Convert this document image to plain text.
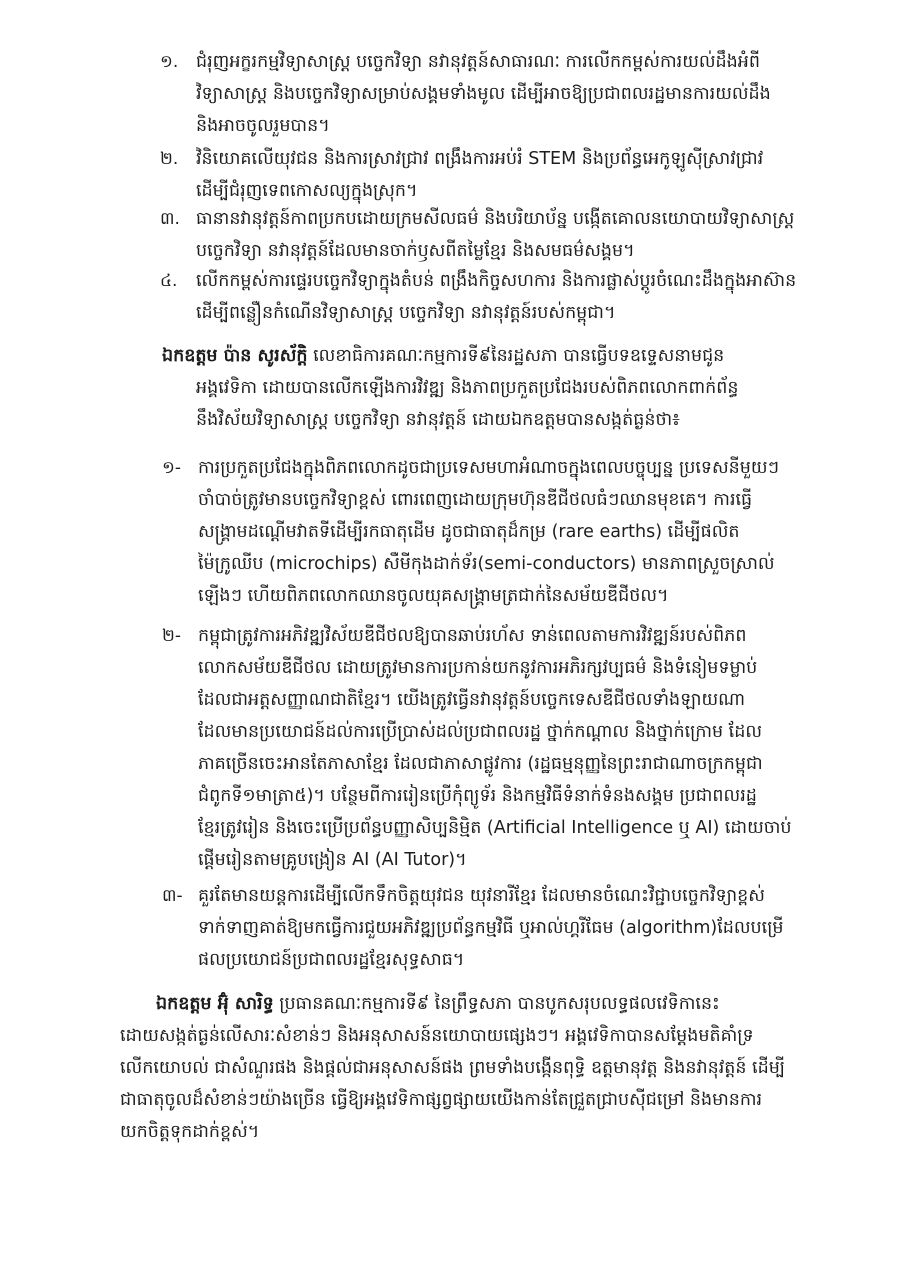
១.	ជំរុញអក្ខរកម្មវិទ្យាសាស្ត្រ បច្ចេកវិទ្យា នវានុវត្តន៍សាធារណៈ ការលើកកម្ពស់ការយល់ដឹងអំពី
វិទ្យាសាស្ត្រ និងបច្ចេកវិទ្យាសម្រាប់សង្គមទាំងមូល ដើម្បីអាចឱ្យប្រជាពលរដ្ឋមានការយល់ដឹង
និងអាចចូលរួមបាន។
២.	វិនិយោគលើយុវជន និងការស្រាវជ្រាវ ពង្រឹងការអប់រំ STEM និងប្រព័ន្ធអេកូឡូស៊ីស្រាវជ្រាវ
ដើម្បីជំរុញទេពកោសល្យក្នុងស្រុក។
៣. ធានានវានុវត្តន៍កាពប្រកបដោយក្រមសីលធម៌ និងបរិយាប័ន្ន បង្កើតគោលនយោបាយវិទ្យាសាស្ត្រ
បច្ចេកវិទ្យា នវានុវត្តន៍ដែលមានចាក់ឫសពីតម្លៃខ្មែរ និងសមធម៌សង្គម។
៤.	លើកកម្ពស់ការផ្ទេរបច្ចេកវិទ្យាក្នុងតំបន់ ពង្រឹងកិច្ចសហការ និងការផ្លាស់ប្តូរចំណេះដឹងក្នុងអាស៊ាន
ដើម្បីពន្លឿនកំណើនវិទ្យាសាស្ត្រ បច្ចេកវិទ្យា នវានុវត្តន៍របស់កម្ពុជា។
ឯកឧត្តម ប៉ាន សូរស័ក្តិ លេខាធិការគណៈកម្មការទី៩នៃរដ្ឋសភា បានធ្វើបទឧទ្ទេសនាមជូន
អង្គវេទិកា ដោយបានលើកឡើងការវិវឌ្ឍ និងភាពប្រកួតប្រជែងរបស់ពិភពលោកពាក់ព័ន្ធ
នឹងវិស័យវិទ្យាសាស្ត្រ បច្ចេកវិទ្យា នវានុវត្តន៍ ដោយឯកឧត្តមបានសង្កត់ធ្ងន់ថា៖
១- ការប្រកួតប្រជែងក្នុងពិភពលោកដូចជាប្រទេសមហាអំណាចក្នុងពេលបច្ចុប្បន្ន ប្រទេសនីមួយៗ
ចាំបាច់ត្រូវមានបច្ចេកវិទ្យាខ្ពស់ ពោរពេញដោយក្រុមហ៊ុនឌីជីថលធំៗឈានមុខគេ។ ការធ្វើ
សង្គ្រាមដណ្តើមវាតទីដើម្បីរកធាតុដើម ដូចជាធាតុដ៏កម្រ (rare earths) ដើម្បីផលិត
ម៉ៃក្រូឈីប (microchips) សឺមីកុងដាក់ទ័រ(semi-conductors) មានភាពស្រួចស្រាល់
ឡើងៗ ហើយពិភពលោកឈានចូលយុគសង្គ្រាមត្រជាក់នៃសម័យឌីជីថល។
២- កម្ពុជាត្រូវការអភិវឌ្ឍវិស័យឌីជីថលឱ្យបានឆាប់រហ័ស ទាន់ពេលតាមការវិវឌ្ឍន៍របស់ពិភព
លោកសម័យឌីជីថល ដោយត្រូវមានការប្រកាន់យកនូវការអភិរក្សវប្បធម៌ និងទំនៀមទម្លាប់
ដែលជាអត្តសញ្ញាណជាតិខ្មែរ។ យើងត្រូវធ្វើនវានុវត្តន៍បច្ចេកទេសឌីជីថលទាំងឡាយណា
ដែលមានប្រយោជន៍ដល់ការប្រើប្រាស់ដល់ប្រជាពលរដ្ឋ ថ្នាក់កណ្តាល និងថ្នាក់ក្រោម ដែល
ភាគច្រើនចេះអានតែភាសាខ្មែរ ដែលជាភាសាផ្លូវការ (រដ្ឋធម្មនុញ្ញនៃព្រះរាជាណាចក្រកម្ពុជា
ជំពូកទី១មាត្រា៥)។ បន្ថែមពីការរៀនប្រើកុំព្យូទ័រ និងកម្មវិធីទំនាក់ទំនងសង្គម ប្រជាពលរដ្ឋ
ខ្មែរត្រូវរៀន និងចេះប្រើប្រព័ន្ធបញ្ញាសិប្បនិម្មិត (Artificial Intelligence ឬ AI) ដោយចាប់
ផ្តើមរៀនតាមគ្រូបង្រៀន AI (AI Tutor)។
៣- គួរតែមានយន្តការដើម្បីលើកទឹកចិត្តយុវជន យុវនារីខ្មែរ ដែលមានចំណេះវិជ្ជាបច្ចេកវិទ្យាខ្ពស់
ទាក់ទាញគាត់ឱ្យមកធ្វើការជួយអភិវឌ្ឍប្រព័ន្ធកម្មវិធី ឬអាល់ហ្គរីធែម (algorithm)ដែលបម្រើ
ផលប្រយោជន៍ប្រជាពលរដ្ឋខ្មែរសុទ្ធសាធ។
ឯកឧត្តម អ៊ុំ សារិទ្ធ ប្រធានគណៈកម្មការទី៩ នៃព្រឹទ្ធសភា បានបូកសរុបលទ្ធផលវេទិកានេះ
ដោយសង្កត់ធ្ងន់លើសារៈសំខាន់ៗ និងអនុសាសន៍នយោបាយផ្សេងៗ។ អង្គវេទិកាបានសម្តែងមតិគាំទ្រ
លើកយោបល់ ជាសំណួរផង និងផ្តល់ជាអនុសាសន៍ផង ព្រមទាំងបង្កើនពុទ្ធិ ឧត្តមានុវត្ត និងនវានុវត្តន៍ ដើម្បី
ជាធាតុចូលដ៏សំខាន់ៗយ៉ាងច្រើន ធ្វើឱ្យអង្គវេទិកាផ្សព្វផ្សាយយើងកាន់តែជ្រួតជ្រាបស៊ីជម្រៅ និងមានការ
យកចិត្តទុកដាក់ខ្ពស់។
